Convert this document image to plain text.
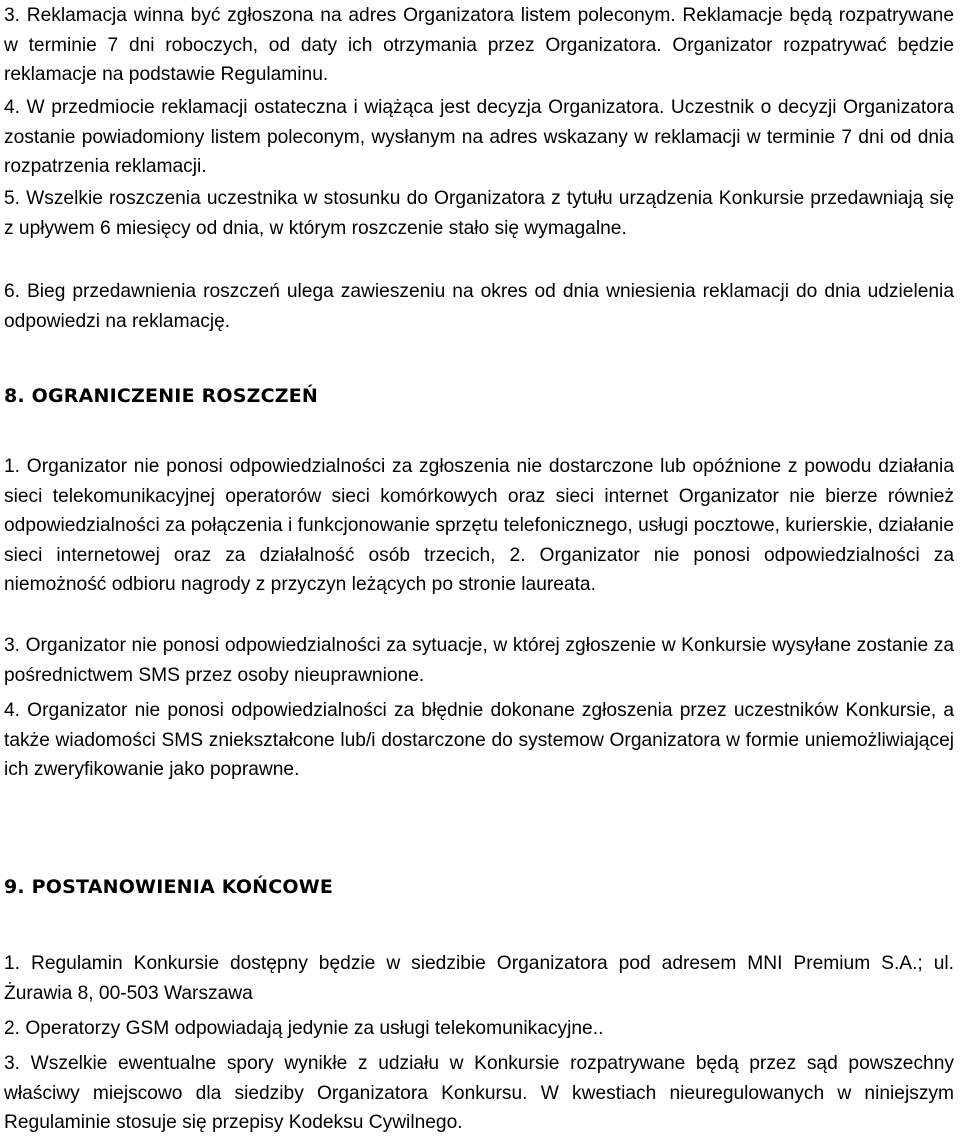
3. Reklamacja winna być zgłoszona na adres Organizatora listem poleconym. Reklamacje będą rozpatrywane w terminie 7 dni roboczych, od daty ich otrzymania przez Organizatora. Organizator rozpatrywać będzie reklamacje na podstawie Regulaminu.

4. W przedmiocie reklamacji ostateczna i wiążąca jest decyzja Organizatora. Uczestnik o decyzji Organizatora zostanie powiadomiony listem poleconym, wysłanym na adres wskazany w reklamacji w terminie 7 dni od dnia rozpatrzenia reklamacji.

5. Wszelkie roszczenia uczestnika w stosunku do Organizatora z tytułu urządzenia Konkursie przedawniają się z upływem 6 miesięcy od dnia, w którym roszczenie stało się wymagalne.

6. Bieg przedawnienia roszczeń ulega zawieszeniu na okres od dnia wniesienia reklamacji do dnia udzielenia odpowiedzi na reklamację.

8. OGRANICZENIE ROSZCZEŃ

1. Organizator nie ponosi odpowiedzialności za zgłoszenia nie dostarczone lub opóźnione z powodu działania sieci telekomunikacyjnej operatorów sieci komórkowych oraz sieci internet Organizator nie bierze również odpowiedzialności za połączenia i funkcjonowanie sprzętu telefonicznego, usługi pocztowe, kurierskie, działanie sieci internetowej oraz za działalność osób trzecich, 2. Organizator nie ponosi odpowiedzialności za niemożność odbioru nagrody z przyczyn leżących po stronie laureata.

3. Organizator nie ponosi odpowiedzialności za sytuacje, w której zgłoszenie w Konkursie wysyłane zostanie za pośrednictwem SMS przez osoby nieuprawnione.

4. Organizator nie ponosi odpowiedzialności za błędnie dokonane zgłoszenia przez uczestników Konkursie, a także wiadomości SMS zniekształcone lub/i dostarczone do systemow Organizatora w formie uniemożliwiającej ich zweryfikowanie jako poprawne.

9. POSTANOWIENIA KOŃCOWE

1. Regulamin Konkursie dostępny będzie w siedzibie Organizatora pod adresem MNI Premium S.A.; ul. Żurawia 8, 00-503 Warszawa

2. Operatorzy GSM odpowiadają jedynie za usługi telekomunikacyjne..

3. Wszelkie ewentualne spory wynikłe z udziału w Konkursie rozpatrywane będą przez sąd powszechny właściwy miejscowo dla siedziby Organizatora Konkursu. W kwestiach nieuregulowanych w niniejszym Regulaminie stosuje się przepisy Kodeksu Cywilnego.
